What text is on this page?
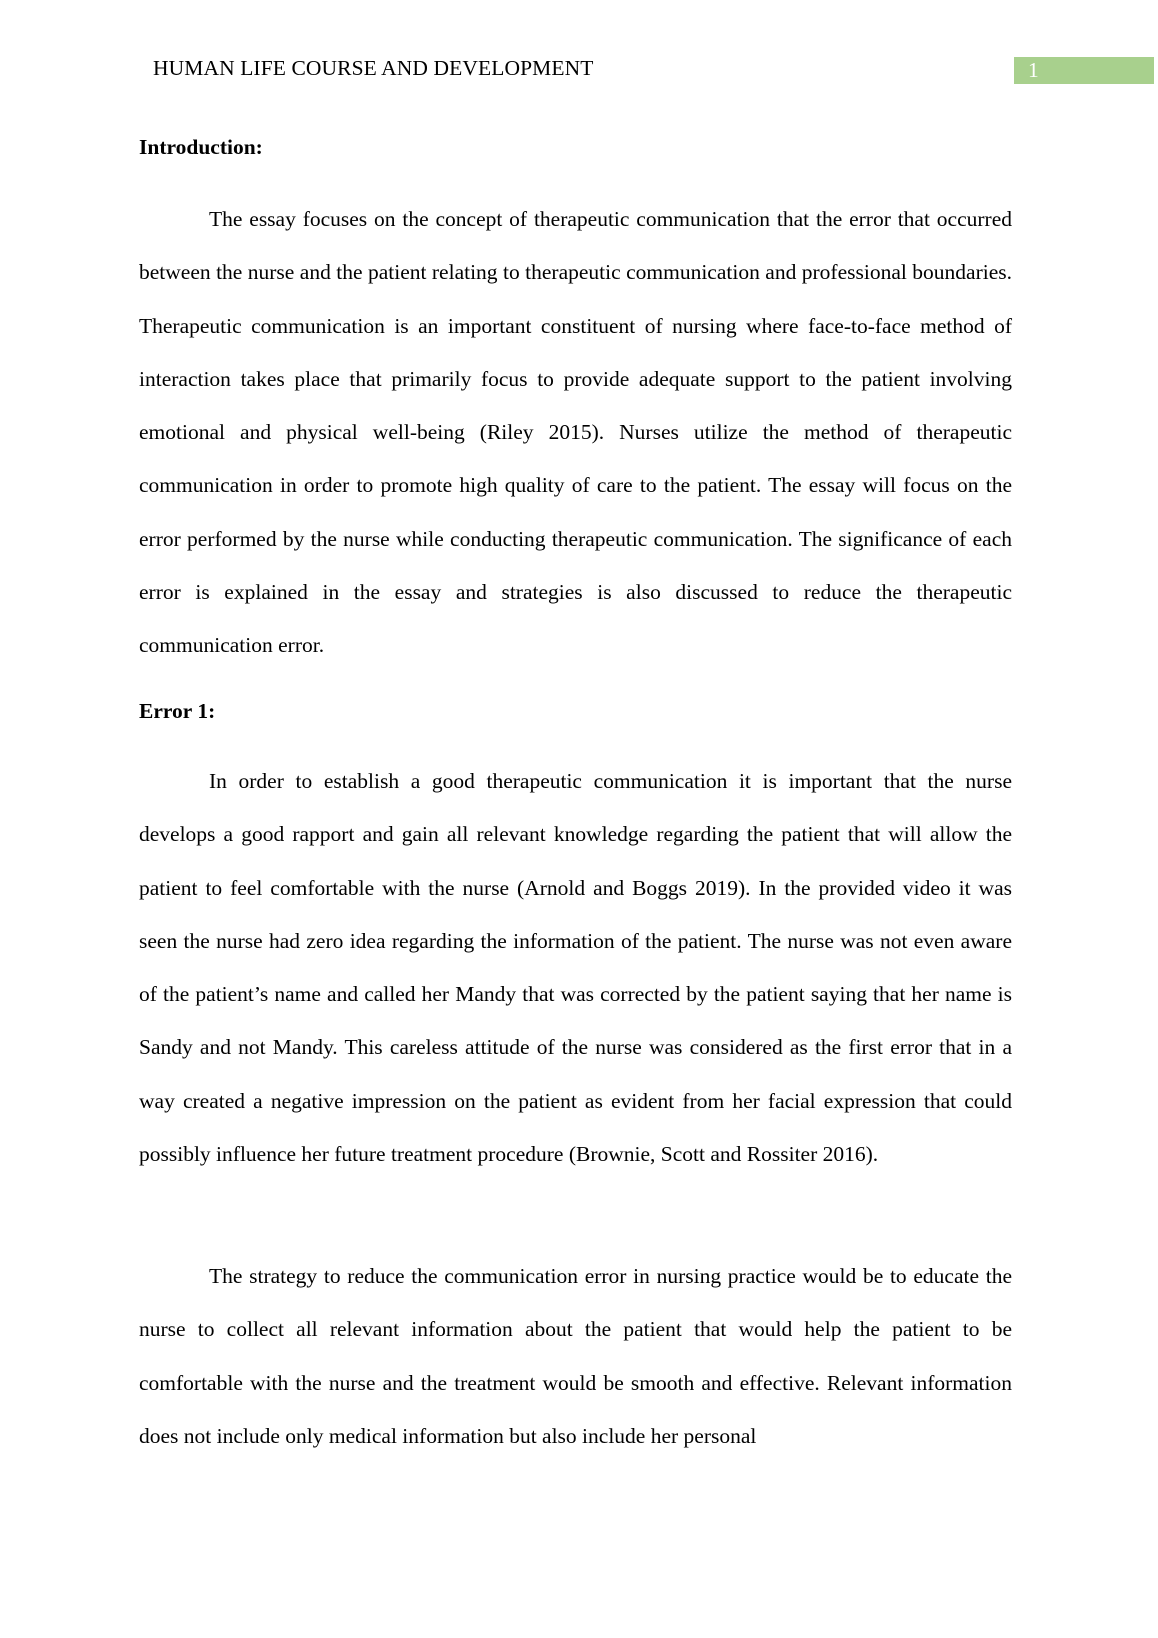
HUMAN LIFE COURSE AND DEVELOPMENT	1
Introduction:

The essay focuses on the concept of therapeutic communication that the error that occurred between the nurse and the patient relating to therapeutic communication and professional boundaries. Therapeutic communication is an important constituent of nursing where face-to-face method of interaction takes place that primarily focus to provide adequate support to the patient involving emotional and physical well-being (Riley 2015). Nurses utilize the method of therapeutic communication in order to promote high quality of care to the patient. The essay will focus on the error performed by the nurse while conducting therapeutic communication. The significance of each error is explained in the essay and strategies is also discussed to reduce the therapeutic communication error.

Error 1:

In order to establish a good therapeutic communication it is important that the nurse develops a good rapport and gain all relevant knowledge regarding the patient that will allow the patient to feel comfortable with the nurse (Arnold and Boggs 2019). In the provided video it was seen the nurse had zero idea regarding the information of the patient. The nurse was not even aware of the patient’s name and called her Mandy that was corrected by the patient saying that her name is Sandy and not Mandy. This careless attitude of the nurse was considered as the first error that in a way created a negative impression on the patient as evident from her facial expression that could possibly influence her future treatment procedure (Brownie, Scott and Rossiter 2016).

The strategy to reduce the communication error in nursing practice would be to educate the nurse to collect all relevant information about the patient that would help the patient to be comfortable with the nurse and the treatment would be smooth and effective. Relevant information does not include only medical information but also include her personal
